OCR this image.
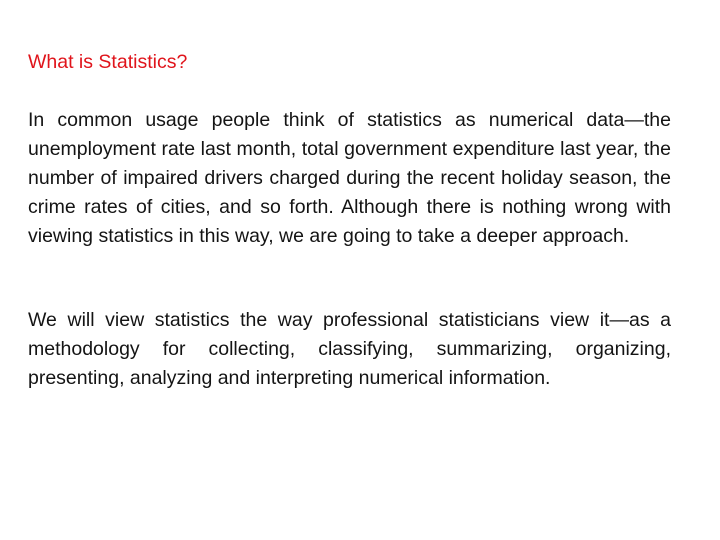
What is Statistics?

In common usage people think of statistics as numerical data—the unemployment rate last month, total government expenditure last year, the number of impaired drivers charged during the recent holiday season, the crime rates of cities, and so forth. Although there is nothing wrong with viewing statistics in this way, we are going to take a deeper approach.

We will view statistics the way professional statisticians view it—as a methodology for collecting, classifying, summarizing, organizing, presenting, analyzing and interpreting numerical information.
